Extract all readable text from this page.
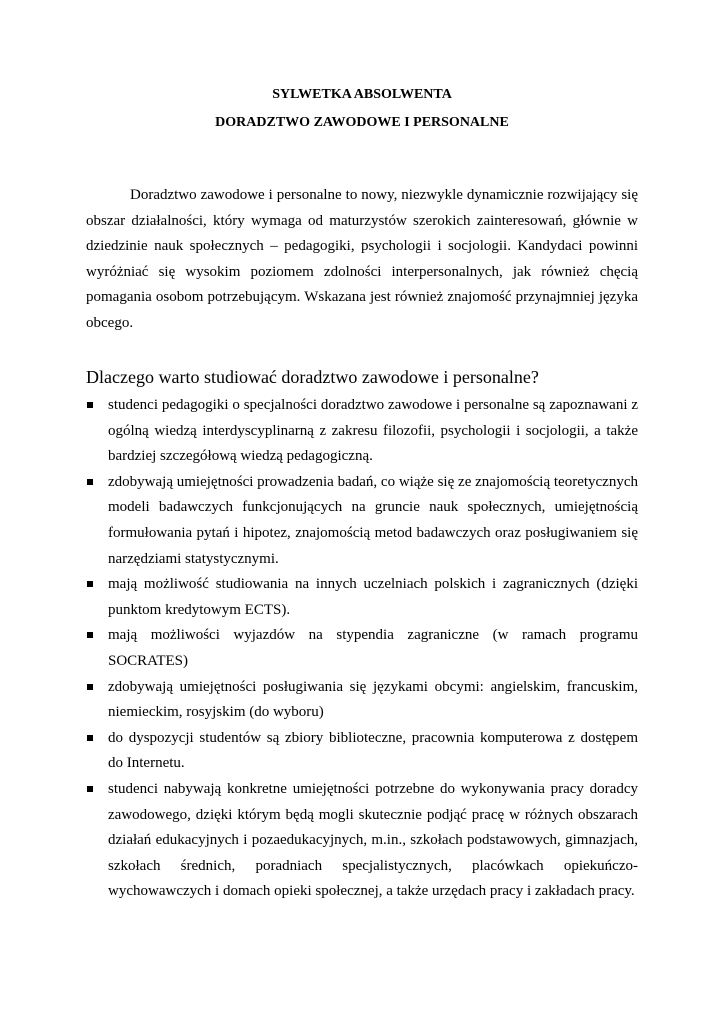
SYLWETKA ABSOLWENTA
DORADZTWO ZAWODOWE I PERSONALNE

Doradztwo zawodowe i personalne to nowy, niezwykle dynamicznie rozwijający się obszar działalności, który wymaga od maturzystów szerokich zainteresowań, głównie w dziedzinie nauk społecznych – pedagogiki, psychologii i socjologii. Kandydaci powinni wyróżniać się wysokim poziomem zdolności interpersonalnych, jak również chęcią pomagania osobom potrzebującym. Wskazana jest również znajomość przynajmniej języka obcego.

Dlaczego warto studiować doradztwo zawodowe i personalne?
studenci pedagogiki o specjalności doradztwo zawodowe i personalne są zapoznawani z ogólną wiedzą interdyscyplinarną z zakresu filozofii, psychologii i socjologii, a także bardziej szczegółową wiedzą pedagogiczną.
zdobywają umiejętności prowadzenia badań, co wiąże się ze znajomością teoretycznych modeli badawczych funkcjonujących na gruncie nauk społecznych, umiejętnością formułowania pytań i hipotez, znajomością metod badawczych oraz posługiwaniem się narzędziami statystycznymi.
mają możliwość studiowania na innych uczelniach polskich i zagranicznych (dzięki punktom kredytowym ECTS).
mają możliwości wyjazdów na stypendia zagraniczne (w ramach programu SOCRATES)
zdobywają umiejętności posługiwania się językami obcymi: angielskim, francuskim, niemieckim, rosyjskim (do wyboru)
do dyspozycji studentów są zbiory biblioteczne, pracownia komputerowa z dostępem do Internetu.
studenci nabywają konkretne umiejętności potrzebne do wykonywania pracy doradcy zawodowego, dzięki którym będą mogli skutecznie podjąć pracę w różnych obszarach działań edukacyjnych i pozaedukacyjnych, m.in., szkołach podstawowych, gimnazjach, szkołach średnich, poradniach specjalistycznych, placówkach opiekuńczo-wychowawczych i domach opieki społecznej, a także urzędach pracy i zakładach pracy.
